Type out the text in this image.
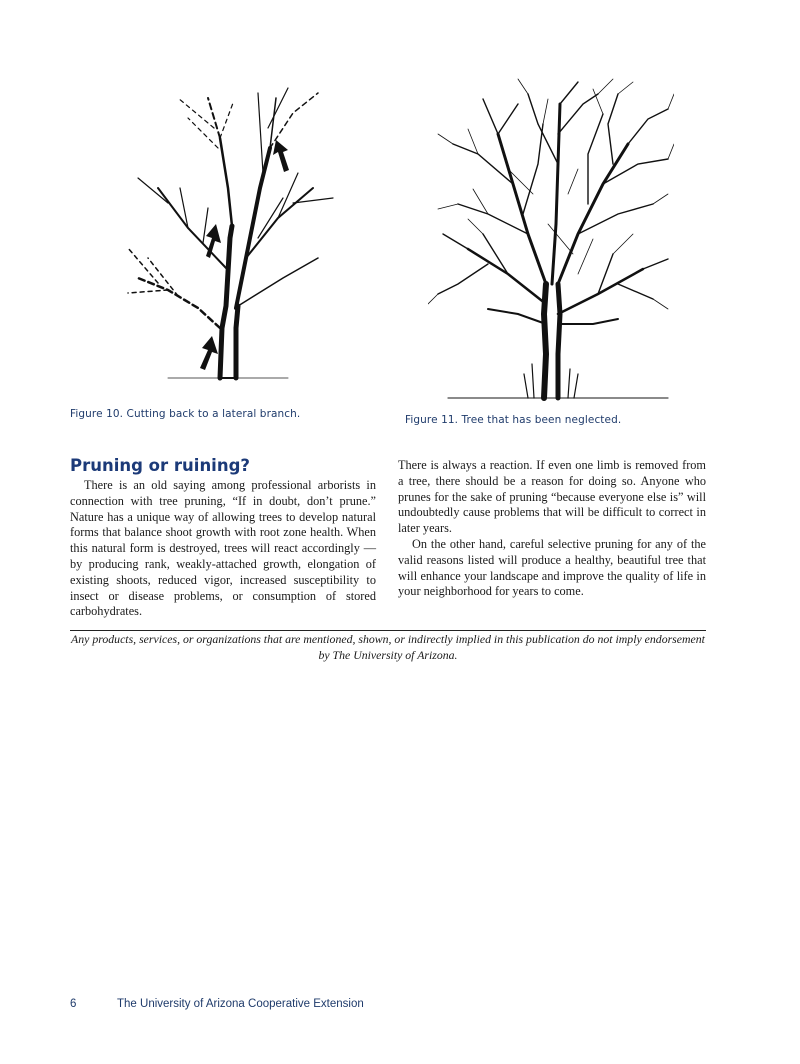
Figure 10. Cutting back to a lateral branch.	Figure 11. Tree that has been neglected.
Pruning or ruining?

There is an old saying among professional arborists in connection with tree pruning, “If in doubt, don’t prune.” Nature has a unique way of allowing trees to develop natural forms that balance shoot growth with root zone health. When this natural form is destroyed, trees will react accordingly — by producing rank, weakly-attached growth, elongation of existing shoots, reduced vigor, increased susceptibility to insect or disease problems, or consumption of stored carbohydrates.

There is always a reaction. If even one limb is removed from a tree, there should be a reason for doing so. Anyone who prunes for the sake of pruning “because everyone else is” will undoubtedly cause problems that will be difficult to correct in later years.

On the other hand, careful selective pruning for any of the valid reasons listed will produce a healthy, beautiful tree that will enhance your landscape and improve the quality of life in your neighborhood for years to come.

Any products, services, or organizations that are mentioned, shown, or indirectly implied in this publication do not imply endorsement by The University of Arizona.
6	The University of Arizona Cooperative Extension
